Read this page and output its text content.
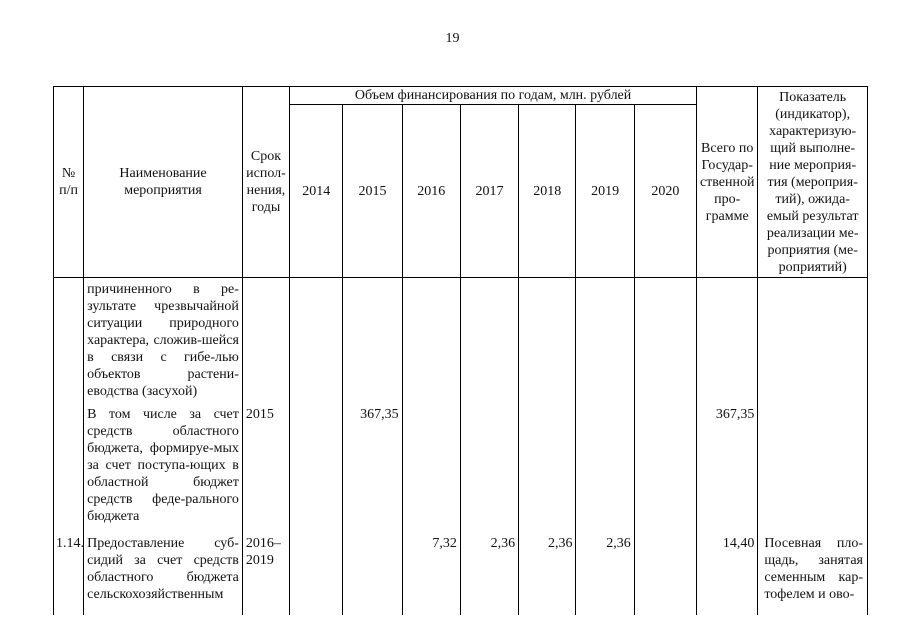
19
№ п/п	Наименование мероприятия	Срок испол-нения, годы	Объем финансирования по годам, млн. рублей							Всего по Государ-ственной про-грамме	Показатель (индикатор), характеризую-щий выполне-ние мероприя-тия (мероприя-тий), ожида-емый результат реализации ме-роприятия (ме-роприятий)
			2014	2015	2016	2017	2018	2019	2020		
	причиненного в ре-зультате чрезвычайной ситуации природного характера, сложив-шейся в связи с гибе-лью объектов растени-еводства (засухой)										
	В том числе за счет средств областного бюджета, формируе-мых за счет поступа-ющих в областной бюджет средств феде-рального бюджета	2015		367,35						367,35	
1.14.	Предоставление суб-сидий за счет средств областного бюджета сельскохозяйственным	2016–2019			7,32	2,36	2,36	2,36		14,40	Посевная пло-щадь, занятая семенным кар-тофелем и ово-
